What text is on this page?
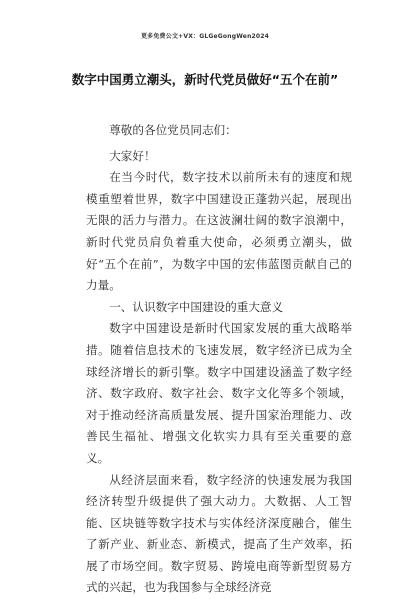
更多免费公文+VX：GLGeGongWen2024
数字中国勇立潮头，新时代党员做好“五个在前”

尊敬的各位党员同志们：

大家好！

在当今时代，数字技术以前所未有的速度和规模重塑着世界，数字中国建设正蓬勃兴起，展现出无限的活力与潜力。在这波澜壮阔的数字浪潮中，新时代党员肩负着重大使命，必须勇立潮头，做好“五个在前”，为数字中国的宏伟蓝图贡献自己的力量。

一、认识数字中国建设的重大意义

数字中国建设是新时代国家发展的重大战略举措。随着信息技术的飞速发展，数字经济已成为全球经济增长的新引擎。数字中国建设涵盖了数字经济、数字政府、数字社会、数字文化等多个领域，对于推动经济高质量发展、提升国家治理能力、改善民生福祉、增强文化软实力具有至关重要的意义。

从经济层面来看，数字经济的快速发展为我国经济转型升级提供了强大动力。大数据、人工智能、区块链等数字技术与实体经济深度融合，催生了新产业、新业态、新模式，提高了生产效率，拓展了市场空间。数字贸易、跨境电商等新型贸易方式的兴起，也为我国参与全球经济竞
